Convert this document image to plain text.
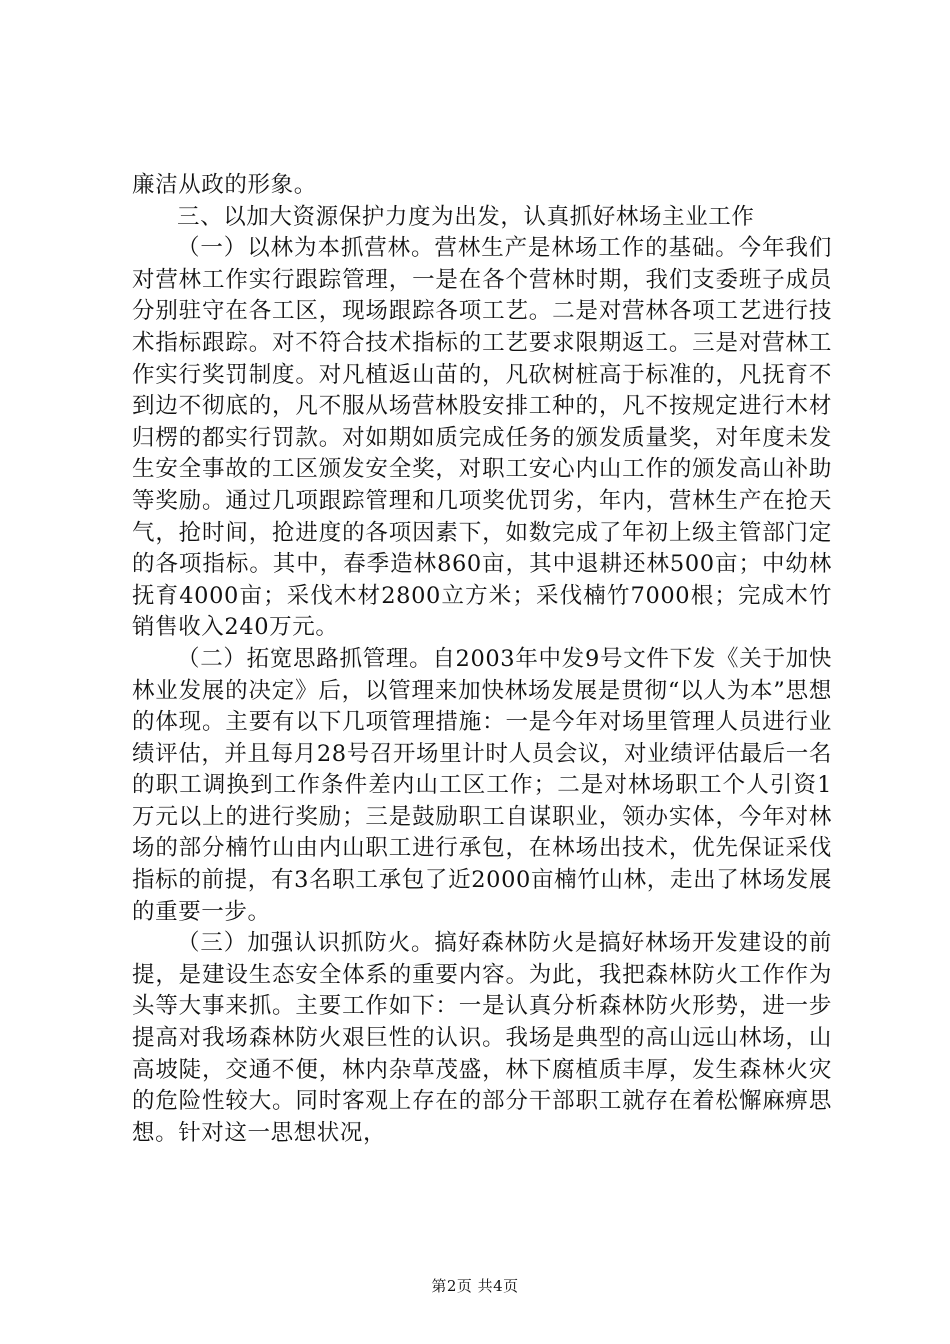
廉洁从政的形象。

三、以加大资源保护力度为出发，认真抓好林场主业工作

（一）以林为本抓营林。营林生产是林场工作的基础。今年我们对营林工作实行跟踪管理，一是在各个营林时期，我们支委班子成员分别驻守在各工区，现场跟踪各项工艺。二是对营林各项工艺进行技术指标跟踪。对不符合技术指标的工艺要求限期返工。三是对营林工作实行奖罚制度。对凡植返山苗的，凡砍树桩高于标准的，凡抚育不到边不彻底的，凡不服从场营林股安排工种的，凡不按规定进行木材归楞的都实行罚款。对如期如质完成任务的颁发质量奖，对年度未发生安全事故的工区颁发安全奖，对职工安心内山工作的颁发高山补助等奖励。通过几项跟踪管理和几项奖优罚劣，年内，营林生产在抢天气，抢时间，抢进度的各项因素下，如数完成了年初上级主管部门定的各项指标。其中，春季造林860亩，其中退耕还林500亩；中幼林抚育4000亩；采伐木材2800立方米；采伐楠竹7000根；完成木竹销售收入240万元。

（二）拓宽思路抓管理。自2003年中发9号文件下发《关于加快林业发展的决定》后，以管理来加快林场发展是贯彻“以人为本”思想的体现。主要有以下几项管理措施：一是今年对场里管理人员进行业绩评估，并且每月28号召开场里计时人员会议，对业绩评估最后一名的职工调换到工作条件差内山工区工作；二是对林场职工个人引资1万元以上的进行奖励；三是鼓励职工自谋职业，领办实体，今年对林场的部分楠竹山由内山职工进行承包，在林场出技术，优先保证采伐指标的前提，有3名职工承包了近2000亩楠竹山林，走出了林场发展的重要一步。

（三）加强认识抓防火。搞好森林防火是搞好林场开发建设的前提，是建设生态安全体系的重要内容。为此，我把森林防火工作作为头等大事来抓。主要工作如下：一是认真分析森林防火形势，进一步提高对我场森林防火艰巨性的认识。我场是典型的高山远山林场，山高坡陡，交通不便，林内杂草茂盛，林下腐植质丰厚，发生森林火灾的危险性较大。同时客观上存在的部分干部职工就存在着松懈麻痹思想。针对这一思想状况，

第2页 共4页
